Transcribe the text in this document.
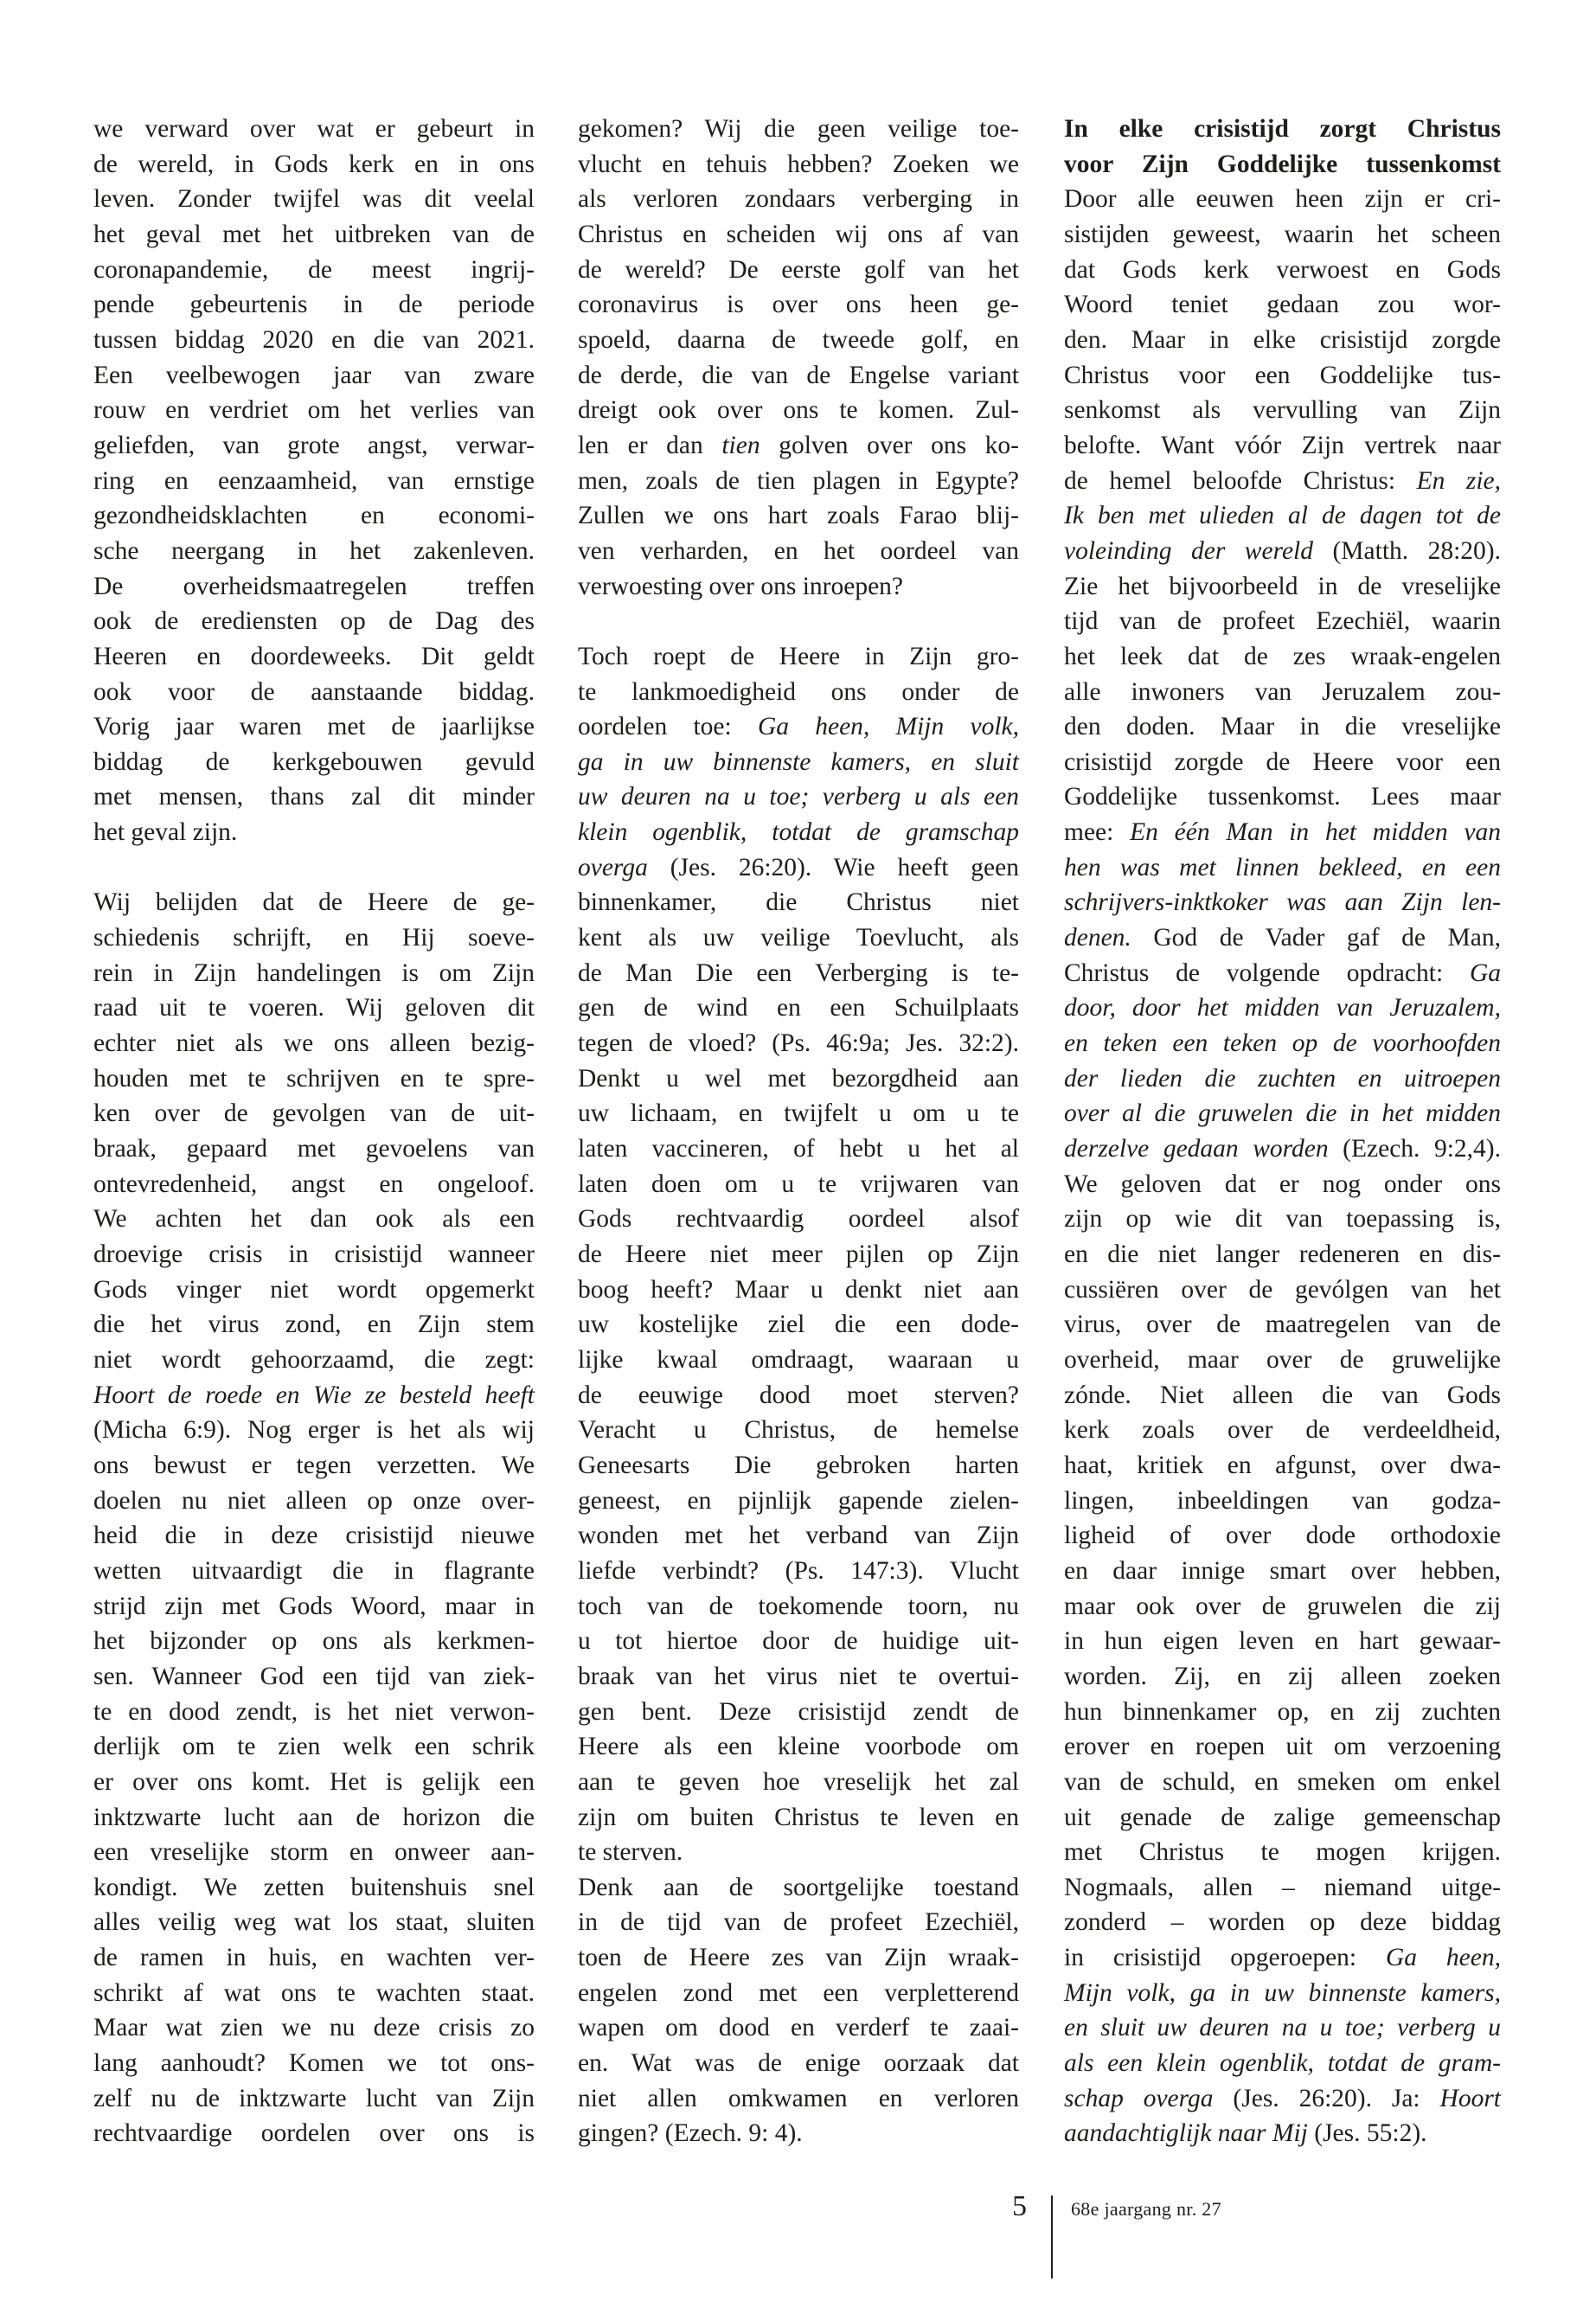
we verward over wat er gebeurt in
de wereld, in Gods kerk en in ons
leven. Zonder twijfel was dit veelal
het geval met het uitbreken van de
coronapandemie, de meest ingrij-
pende gebeurtenis in de periode
tussen biddag 2020 en die van 2021.
Een veelbewogen jaar van zware
rouw en verdriet om het verlies van
geliefden, van grote angst, verwar-
ring en eenzaamheid, van ernstige
gezondheidsklachten en economi-
sche neergang in het zakenleven.
De overheidsmaatregelen treffen
ook de erediensten op de Dag des
Heeren en doordeweeks. Dit geldt
ook voor de aanstaande biddag.
Vorig jaar waren met de jaarlijkse
biddag de kerkgebouwen gevuld
met mensen, thans zal dit minder
het geval zijn.
Wij belijden dat de Heere de ge-
schiedenis schrijft, en Hij soeve-
rein in Zijn handelingen is om Zijn
raad uit te voeren. Wij geloven dit
echter niet als we ons alleen bezig-
houden met te schrijven en te spre-
ken over de gevolgen van de uit-
braak, gepaard met gevoelens van
ontevredenheid, angst en ongeloof.
We achten het dan ook als een
droevige crisis in crisistijd wanneer
Gods vinger niet wordt opgemerkt
die het virus zond, en Zijn stem
niet wordt gehoorzaamd, die zegt:
Hoort de roede en Wie ze besteld heeft
(Micha 6:9). Nog erger is het als wij
ons bewust er tegen verzetten. We
doelen nu niet alleen op onze over-
heid die in deze crisistijd nieuwe
wetten uitvaardigt die in flagrante
strijd zijn met Gods Woord, maar in
het bijzonder op ons als kerkmen-
sen. Wanneer God een tijd van ziek-
te en dood zendt, is het niet verwon-
derlijk om te zien welk een schrik
er over ons komt. Het is gelijk een
inktzwarte lucht aan de horizon die
een vreselijke storm en onweer aan-
kondigt. We zetten buitenshuis snel
alles veilig weg wat los staat, sluiten
de ramen in huis, en wachten ver-
schrikt af wat ons te wachten staat.
Maar wat zien we nu deze crisis zo
lang aanhoudt? Komen we tot ons-
zelf nu de inktzwarte lucht van Zijn
rechtvaardige oordelen over ons is
gekomen? Wij die geen veilige toe-
vlucht en tehuis hebben? Zoeken we
als verloren zondaars verberging in
Christus en scheiden wij ons af van
de wereld? De eerste golf van het
coronavirus is over ons heen ge-
spoeld, daarna de tweede golf, en
de derde, die van de Engelse variant
dreigt ook over ons te komen. Zul-
len er dan tien golven over ons ko-
men, zoals de tien plagen in Egypte?
Zullen we ons hart zoals Farao blij-
ven verharden, en het oordeel van
verwoesting over ons inroepen?
Toch roept de Heere in Zijn gro-
te lankmoedigheid ons onder de
oordelen toe: Ga heen, Mijn volk,
ga in uw binnenste kamers, en sluit
uw deuren na u toe; verberg u als een
klein ogenblik, totdat de gramschap
overga (Jes. 26:20). Wie heeft geen
binnenkamer, die Christus niet
kent als uw veilige Toevlucht, als
de Man Die een Verberging is te-
gen de wind en een Schuilplaats
tegen de vloed? (Ps. 46:9a; Jes. 32:2).
Denkt u wel met bezorgdheid aan
uw lichaam, en twijfelt u om u te
laten vaccineren, of hebt u het al
laten doen om u te vrijwaren van
Gods rechtvaardig oordeel alsof
de Heere niet meer pijlen op Zijn
boog heeft? Maar u denkt niet aan
uw kostelijke ziel die een dode-
lijke kwaal omdraagt, waaraan u
de eeuwige dood moet sterven?
Veracht u Christus, de hemelse
Geneesarts Die gebroken harten
geneest, en pijnlijk gapende zielen-
wonden met het verband van Zijn
liefde verbindt? (Ps. 147:3). Vlucht
toch van de toekomende toorn, nu
u tot hiertoe door de huidige uit-
braak van het virus niet te overtui-
gen bent. Deze crisistijd zendt de
Heere als een kleine voorbode om
aan te geven hoe vreselijk het zal
zijn om buiten Christus te leven en
te sterven.
Denk aan de soortgelijke toestand
in de tijd van de profeet Ezechiël,
toen de Heere zes van Zijn wraak-
engelen zond met een verpletterend
wapen om dood en verderf te zaai-
en. Wat was de enige oorzaak dat
niet allen omkwamen en verloren
gingen? (Ezech. 9: 4).
In elke crisistijd zorgt Christus
voor Zijn Goddelijke tussenkomst
Door alle eeuwen heen zijn er cri-
sistijden geweest, waarin het scheen
dat Gods kerk verwoest en Gods
Woord teniet gedaan zou wor-
den. Maar in elke crisistijd zorgde
Christus voor een Goddelijke tus-
senkomst als vervulling van Zijn
belofte. Want vóór Zijn vertrek naar
de hemel beloofde Christus: En zie,
Ik ben met ulieden al de dagen tot de
voleinding der wereld (Matth. 28:20).
Zie het bijvoorbeeld in de vreselijke
tijd van de profeet Ezechiël, waarin
het leek dat de zes wraak-engelen
alle inwoners van Jeruzalem zou-
den doden. Maar in die vreselijke
crisistijd zorgde de Heere voor een
Goddelijke tussenkomst. Lees maar
mee: En één Man in het midden van
hen was met linnen bekleed, en een
schrijvers-inktkoker was aan Zijn len-
denen. God de Vader gaf de Man,
Christus de volgende opdracht: Ga
door, door het midden van Jeruzalem,
en teken een teken op de voorhoofden
der lieden die zuchten en uitroepen
over al die gruwelen die in het midden
derzelve gedaan worden (Ezech. 9:2,4).
We geloven dat er nog onder ons
zijn op wie dit van toepassing is,
en die niet langer redeneren en dis-
cussiëren over de gevólgen van het
virus, over de maatregelen van de
overheid, maar over de gruwelijke
zónde. Niet alleen die van Gods
kerk zoals over de verdeeldheid,
haat, kritiek en afgunst, over dwa-
lingen, inbeeldingen van godza-
ligheid of over dode orthodoxie
en daar innige smart over hebben,
maar ook over de gruwelen die zij
in hun eigen leven en hart gewaar-
worden. Zij, en zij alleen zoeken
hun binnenkamer op, en zij zuchten
erover en roepen uit om verzoening
van de schuld, en smeken om enkel
uit genade de zalige gemeenschap
met Christus te mogen krijgen.
Nogmaals, allen – niemand uitge-
zonderd – worden op deze biddag
in crisistijd opgeroepen: Ga heen,
Mijn volk, ga in uw binnenste kamers,
en sluit uw deuren na u toe; verberg u
als een klein ogenblik, totdat de gram-
schap overga (Jes. 26:20). Ja: Hoort
aandachtiglijk naar Mij (Jes. 55:2).
5 68e jaargang nr. 27
